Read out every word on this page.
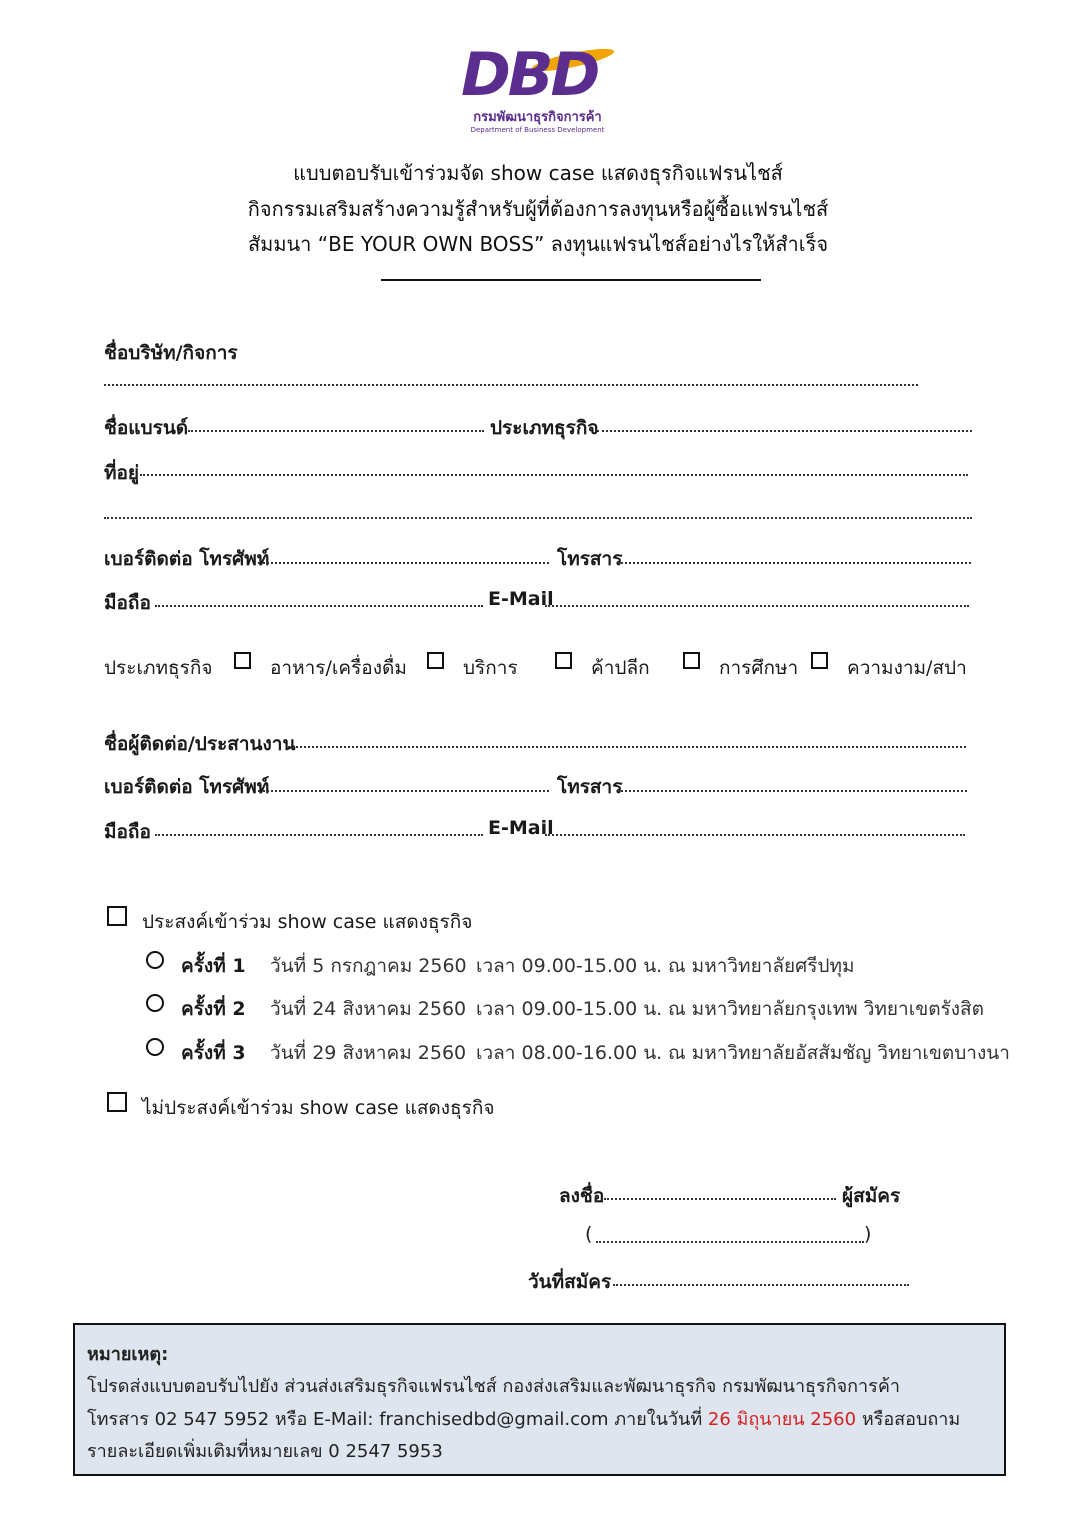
DBD
กรมพัฒนาธุรกิจการค้า
Department of Business Development
แบบตอบรับเข้าร่วมจัด show case แสดงธุรกิจแฟรนไชส์
กิจกรรมเสริมสร้างความรู้สำหรับผู้ที่ต้องการลงทุนหรือผู้ซื้อแฟรนไชส์
สัมมนา “BE YOUR OWN BOSS” ลงทุนแฟรนไชส์อย่างไรให้สำเร็จ
ชื่อบริษัท/กิจการ
ชื่อแบรนด์	ประเภทธุรกิจ
ที่อยู่
เบอร์ติดต่อ โทรศัพท์	โทรสาร
มือถือ	E-Mail
ประเภทธุรกิจ	อาหาร/เครื่องดื่ม	บริการ	ค้าปลีก	การศึกษา	ความงาม/สปา
ชื่อผู้ติดต่อ/ประสานงาน
เบอร์ติดต่อ โทรศัพท์	โทรสาร
มือถือ	E-Mail
ประสงค์เข้าร่วม show case แสดงธุรกิจ
ครั้งที่ 1 วันที่ 5 กรกฎาคม 2560 เวลา 09.00-15.00 น. ณ มหาวิทยาลัยศรีปทุม
ครั้งที่ 2 วันที่ 24 สิงหาคม 2560 เวลา 09.00-15.00 น. ณ มหาวิทยาลัยกรุงเทพ วิทยาเขตรังสิต
ครั้งที่ 3 วันที่ 29 สิงหาคม 2560 เวลา 08.00-16.00 น. ณ มหาวิทยาลัยอัสสัมชัญ วิทยาเขตบางนา
ไม่ประสงค์เข้าร่วม show case แสดงธุรกิจ
ลงชื่อ	ผู้สมัคร
(	)
วันที่สมัคร
หมายเหตุ:
โปรดส่งแบบตอบรับไปยัง ส่วนส่งเสริมธุรกิจแฟรนไชส์ กองส่งเสริมและพัฒนาธุรกิจ กรมพัฒนาธุรกิจการค้า
โทรสาร 02 547 5952 หรือ E-Mail: franchisedbd@gmail.com ภายในวันที่ 26 มิถุนายน 2560 หรือสอบถาม
รายละเอียดเพิ่มเติมที่หมายเลข 0 2547 5953
